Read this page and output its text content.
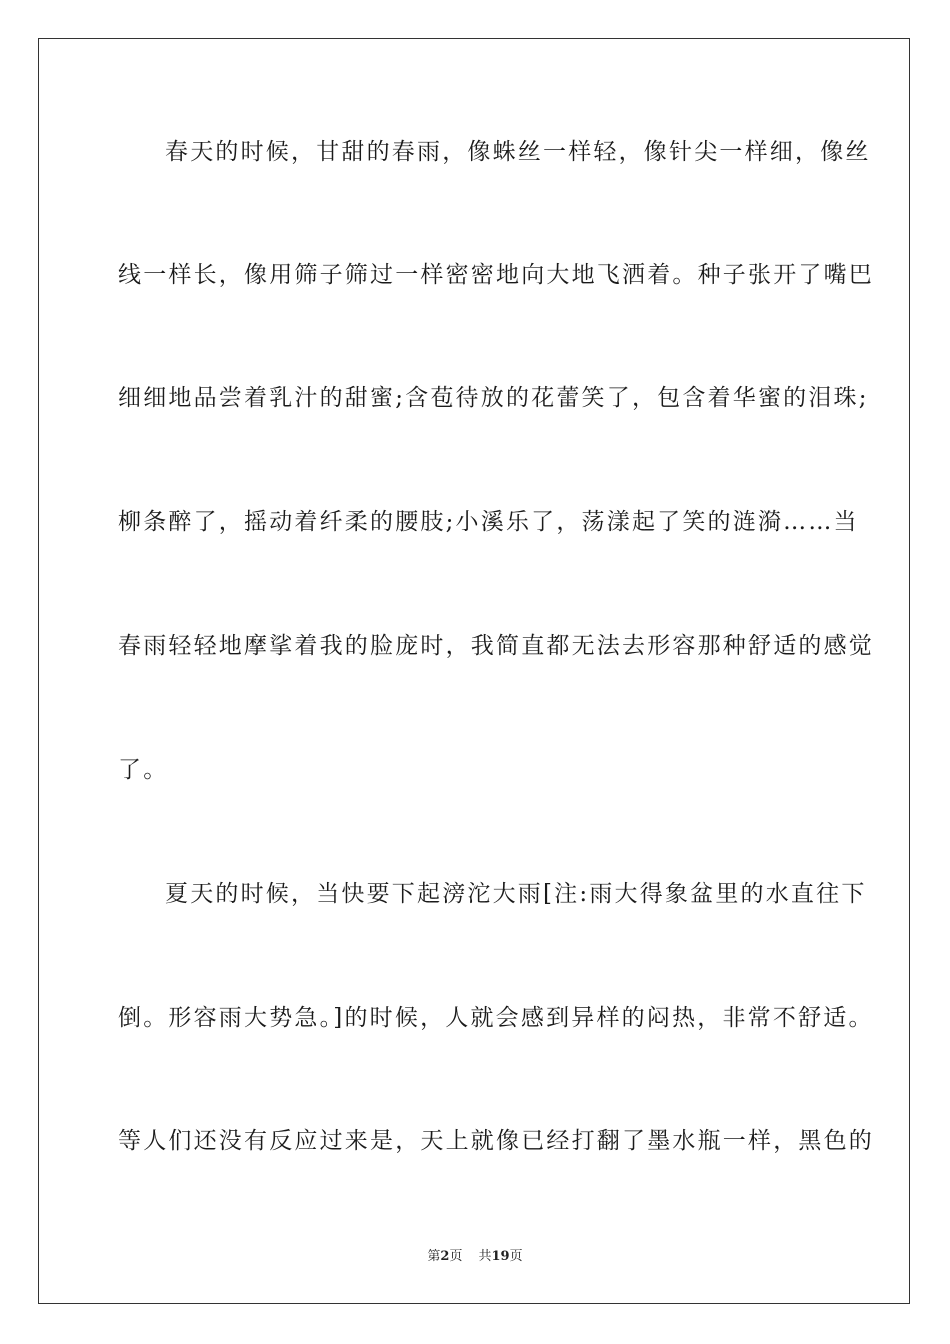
春天的时候，甘甜的春雨，像蛛丝一样轻，像针尖一样细，像丝
线一样长，像用筛子筛过一样密密地向大地飞洒着。种子张开了嘴巴
细细地品尝着乳汁的甜蜜;含苞待放的花蕾笑了，包含着华蜜的泪珠;
柳条醉了，摇动着纤柔的腰肢;小溪乐了，荡漾起了笑的涟漪……当
春雨轻轻地摩挲着我的脸庞时，我简直都无法去形容那种舒适的感觉
了。
夏天的时候，当快要下起滂沱大雨[注:雨大得象盆里的水直往下
倒。形容雨大势急。]的时候，人就会感到异样的闷热，非常不舒适。
等人们还没有反应过来是，天上就像已经打翻了墨水瓶一样，黑色的
第2页 共19页
